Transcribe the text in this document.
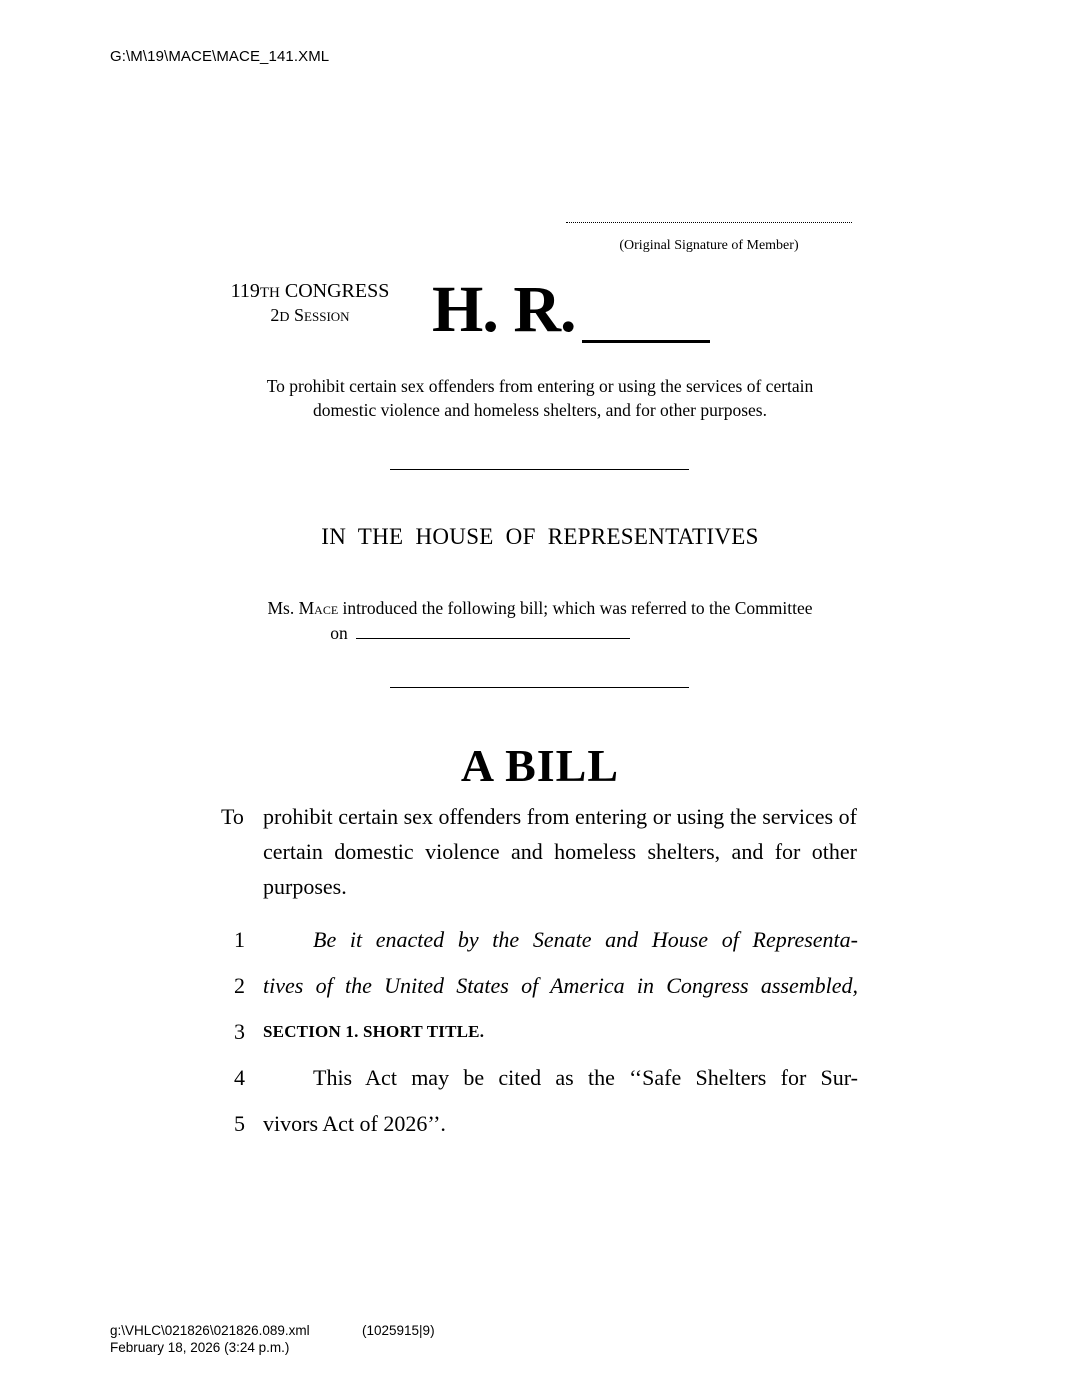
G:\M\19\MACE\MACE_141.XML
(Original Signature of Member)
119TH CONGRESS
2D Session	H. R.
To prohibit certain sex offenders from entering or using the services of certain domestic violence and homeless shelters, and for other purposes.
IN THE HOUSE OF REPRESENTATIVES
Ms. Mace introduced the following bill; which was referred to the Committee
on
A BILL
To prohibit certain sex offenders from entering or using the services of certain domestic violence and homeless shelters, and for other purposes.
1	Be it enacted by the Senate and House of Representa-
2 tives of the United States of America in Congress assembled,
3 SECTION 1. SHORT TITLE.
4	This Act may be cited as the ‘‘Safe Shelters for Sur-
5 vivors Act of 2026’’.
g:\VHLC\021826\021826.089.xml	(1025915|9)
February 18, 2026 (3:24 p.m.)
